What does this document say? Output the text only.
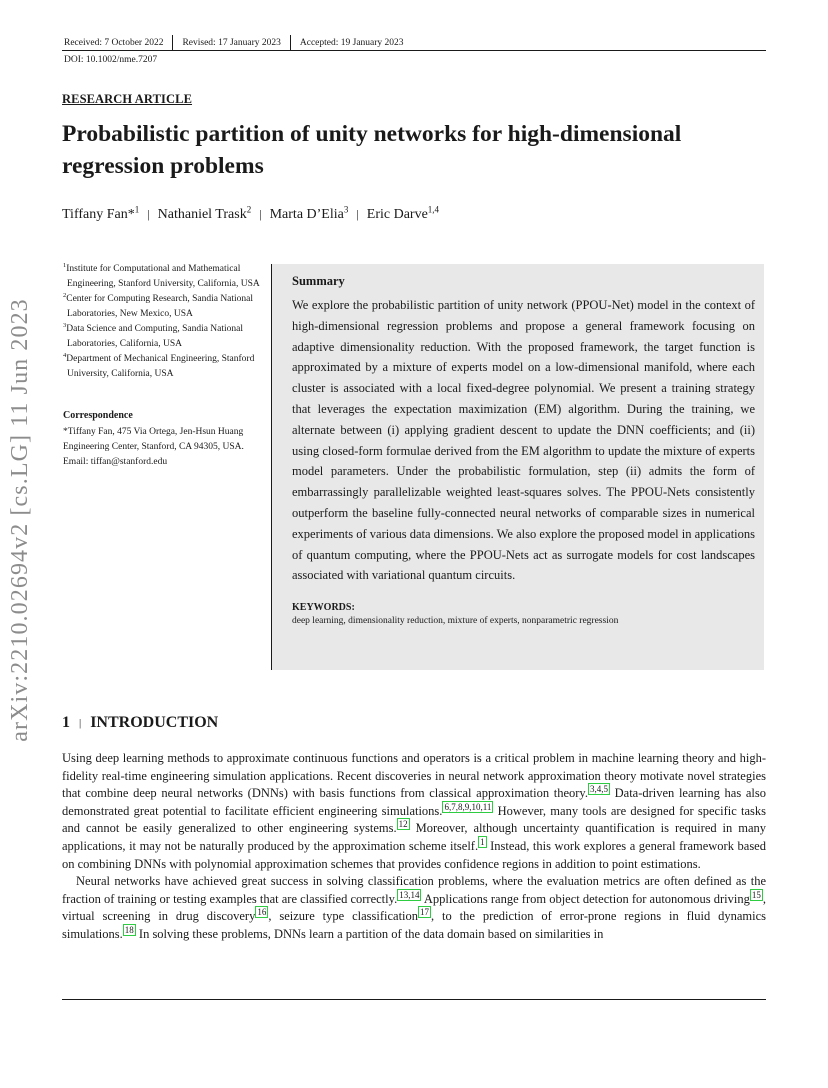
Received: 7 October 2022 Revised: 17 January 2023 Accepted: 19 January 2023
DOI: 10.1002/nme.7207
RESEARCH ARTICLE
Probabilistic partition of unity networks for high-dimensional regression problems
Tiffany Fan*$^1$ | Nathaniel Trask$^2$ | Marta D’Elia$^3$ | Eric Darve$^{1,4}$
arXiv:2210.02694v2 [cs.LG] 11 Jun 2023
$^1$Institute for Computational and Mathematical Engineering, Stanford University, California, USA
$^2$Center for Computing Research, Sandia National Laboratories, New Mexico, USA
$^3$Data Science and Computing, Sandia National Laboratories, California, USA
$^4$Department of Mechanical Engineering, Stanford University, California, USA
Correspondence
*Tiffany Fan, 475 Via Ortega, Jen-Hsun Huang Engineering Center, Stanford, CA 94305, USA. Email: tiffan@stanford.edu
Summary

We explore the probabilistic partition of unity network (PPOU-Net) model in the context of high-dimensional regression problems and propose a general framework focusing on adaptive dimensionality reduction. With the proposed framework, the target function is approximated by a mixture of experts model on a low-dimensional manifold, where each cluster is associated with a local fixed-degree polynomial. We present a training strategy that leverages the expectation maximization (EM) algorithm. During the training, we alternate between (i) applying gradient descent to update the DNN coefficients; and (ii) using closed-form formulae derived from the EM algorithm to update the mixture of experts model parameters. Under the probabilistic formulation, step (ii) admits the form of embarrassingly parallelizable weighted least-squares solves. The PPOU-Nets consistently outperform the baseline fully-connected neural networks of comparable sizes in numerical experiments of various data dimensions. We also explore the proposed model in applications of quantum computing, where the PPOU-Nets act as surrogate models for cost landscapes associated with variational quantum circuits.

KEYWORDS:
deep learning, dimensionality reduction, mixture of experts, nonparametric regression
1 | INTRODUCTION

Using deep learning methods to approximate continuous functions and operators is a critical problem in machine learning theory and high-fidelity real-time engineering simulation applications. Recent discoveries in neural network approximation theory motivate novel strategies that combine deep neural networks (DNNs) with basis functions from classical approximation theory. $^{3,4,5}$ Data-driven learning has also demonstrated great potential to facilitate efficient engineering simulations. $^{6,7,8,9,10,11}$ However, many tools are designed for specific tasks and cannot be easily generalized to other engineering systems. $^{12}$ Moreover, although uncertainty quantification is required in many applications, it may not be naturally produced by the approximation scheme itself. $^1$ Instead, this work explores a general framework based on combining DNNs with polynomial approximation schemes that provides confidence regions in addition to point estimations.

Neural networks have achieved great success in solving classification problems, where the evaluation metrics are often defined as the fraction of training or testing examples that are classified correctly. $^{13,14}$ Applications range from object detection for autonomous driving $^{15}$ , virtual screening in drug discovery $^{16}$ , seizure type classification $^{17}$ , to the prediction of error-prone regions in fluid dynamics simulations. $^{18}$ In solving these problems, DNNs learn a partition of the data domain based on similarities in
